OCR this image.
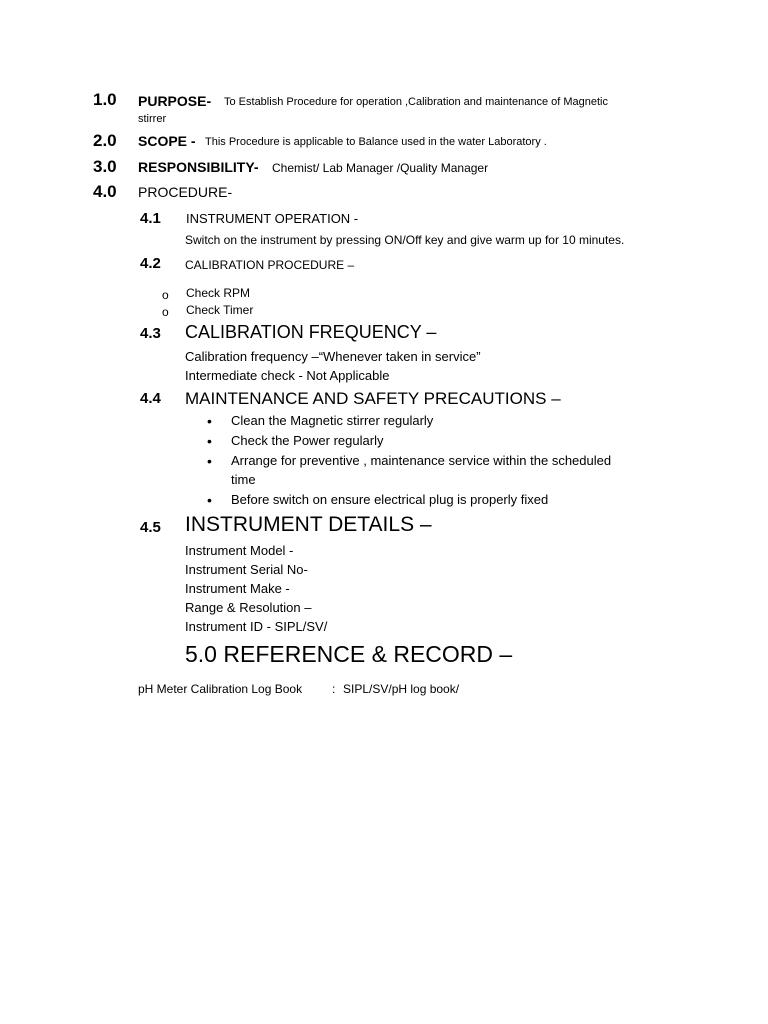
1.0 PURPOSE- To Establish Procedure for operation ,Calibration and maintenance of Magnetic
stirrer
2.0 SCOPE - This Procedure is applicable to Balance used in the water Laboratory .
3.0 RESPONSIBILITY- Chemist/ Lab Manager /Quality Manager
4.0 PROCEDURE-
4.1 INSTRUMENT OPERATION -
Switch on the instrument by pressing ON/Off key and give warm up for 10 minutes.
4.2 CALIBRATION PROCEDURE –
o Check RPM
o Check Timer
4.3 CALIBRATION FREQUENCY –
Calibration frequency –“Whenever taken in service”
Intermediate check - Not Applicable
4.4 MAINTENANCE AND SAFETY PRECAUTIONS –
• Clean the Magnetic stirrer regularly
• Check the Power regularly
• Arrange for preventive , maintenance service within the scheduled
time
• Before switch on ensure electrical plug is properly fixed
4.5 INSTRUMENT DETAILS –
Instrument Model -
Instrument Serial No-
Instrument Make -
Range & Resolution –
Instrument ID - SIPL/SV/
5.0 REFERENCE & RECORD –
pH Meter Calibration Log Book : SIPL/SV/pH log book/
